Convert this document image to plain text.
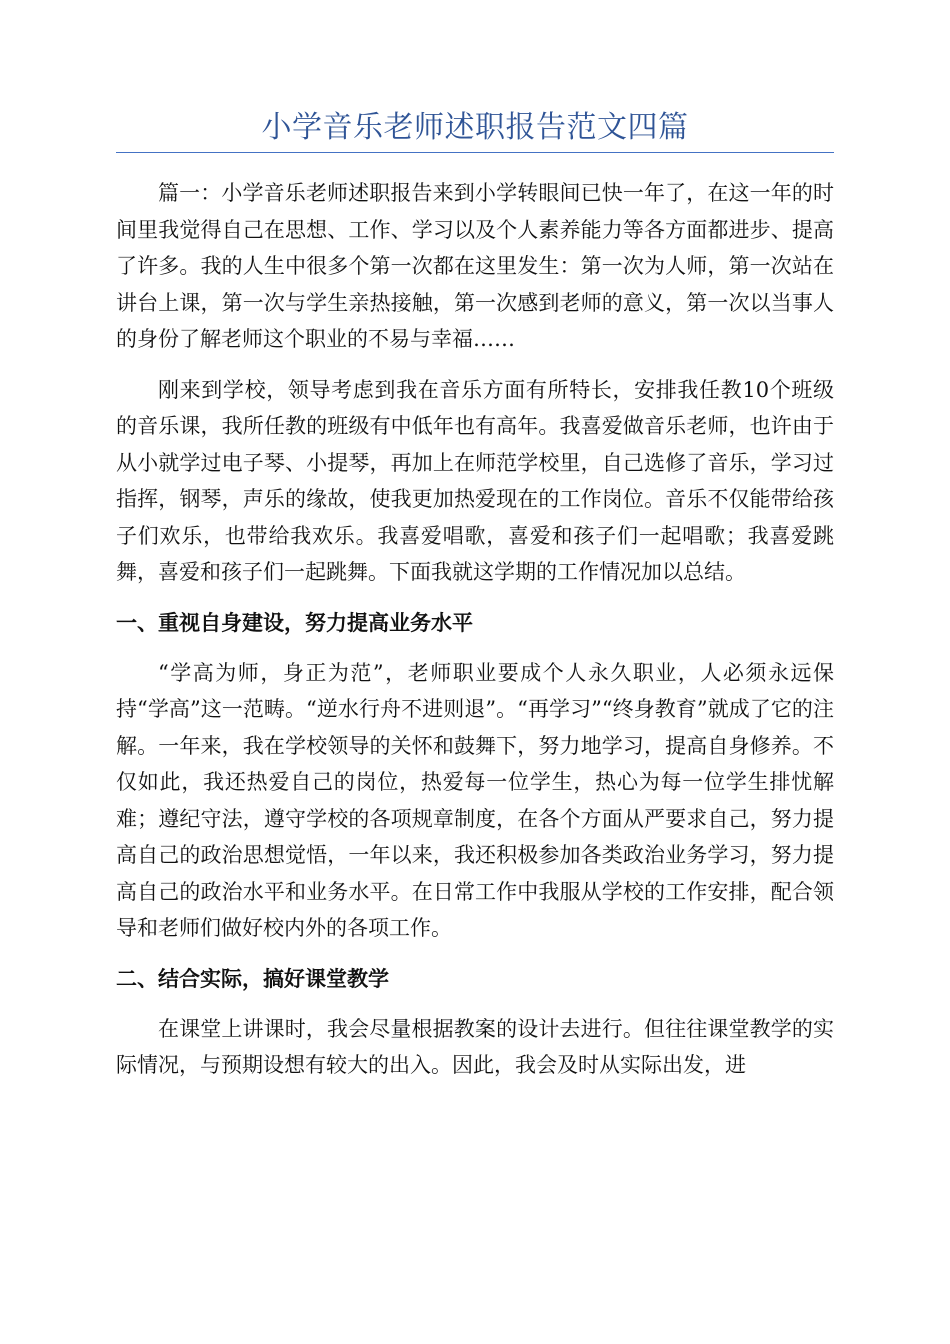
小学音乐老师述职报告范文四篇

篇一：小学音乐老师述职报告来到小学转眼间已快一年了，在这一年的时间里我觉得自己在思想、工作、学习以及个人素养能力等各方面都进步、提高了许多。我的人生中很多个第一次都在这里发生：第一次为人师，第一次站在讲台上课，第一次与学生亲热接触，第一次感到老师的意义，第一次以当事人的身份了解老师这个职业的不易与幸福……

刚来到学校，领导考虑到我在音乐方面有所特长，安排我任教10个班级的音乐课，我所任教的班级有中低年也有高年。我喜爱做音乐老师，也许由于从小就学过电子琴、小提琴，再加上在师范学校里，自己选修了音乐，学习过指挥，钢琴，声乐的缘故，使我更加热爱现在的工作岗位。音乐不仅能带给孩子们欢乐，也带给我欢乐。我喜爱唱歌，喜爱和孩子们一起唱歌；我喜爱跳舞，喜爱和孩子们一起跳舞。下面我就这学期的工作情况加以总结。

一、重视自身建设，努力提高业务水平

“学高为师，身正为范”，老师职业要成个人永久职业，人必须永远保持“学高”这一范畴。“逆水行舟不进则退”。“再学习”“终身教育”就成了它的注解。一年来，我在学校领导的关怀和鼓舞下，努力地学习，提高自身修养。不仅如此，我还热爱自己的岗位，热爱每一位学生，热心为每一位学生排忧解难；遵纪守法，遵守学校的各项规章制度，在各个方面从严要求自己，努力提高自己的政治思想觉悟，一年以来，我还积极参加各类政治业务学习，努力提高自己的政治水平和业务水平。在日常工作中我服从学校的工作安排，配合领导和老师们做好校内外的各项工作。

二、结合实际，搞好课堂教学

在课堂上讲课时，我会尽量根据教案的设计去进行。但往往课堂教学的实际情况，与预期设想有较大的出入。因此，我会及时从实际出发，进
